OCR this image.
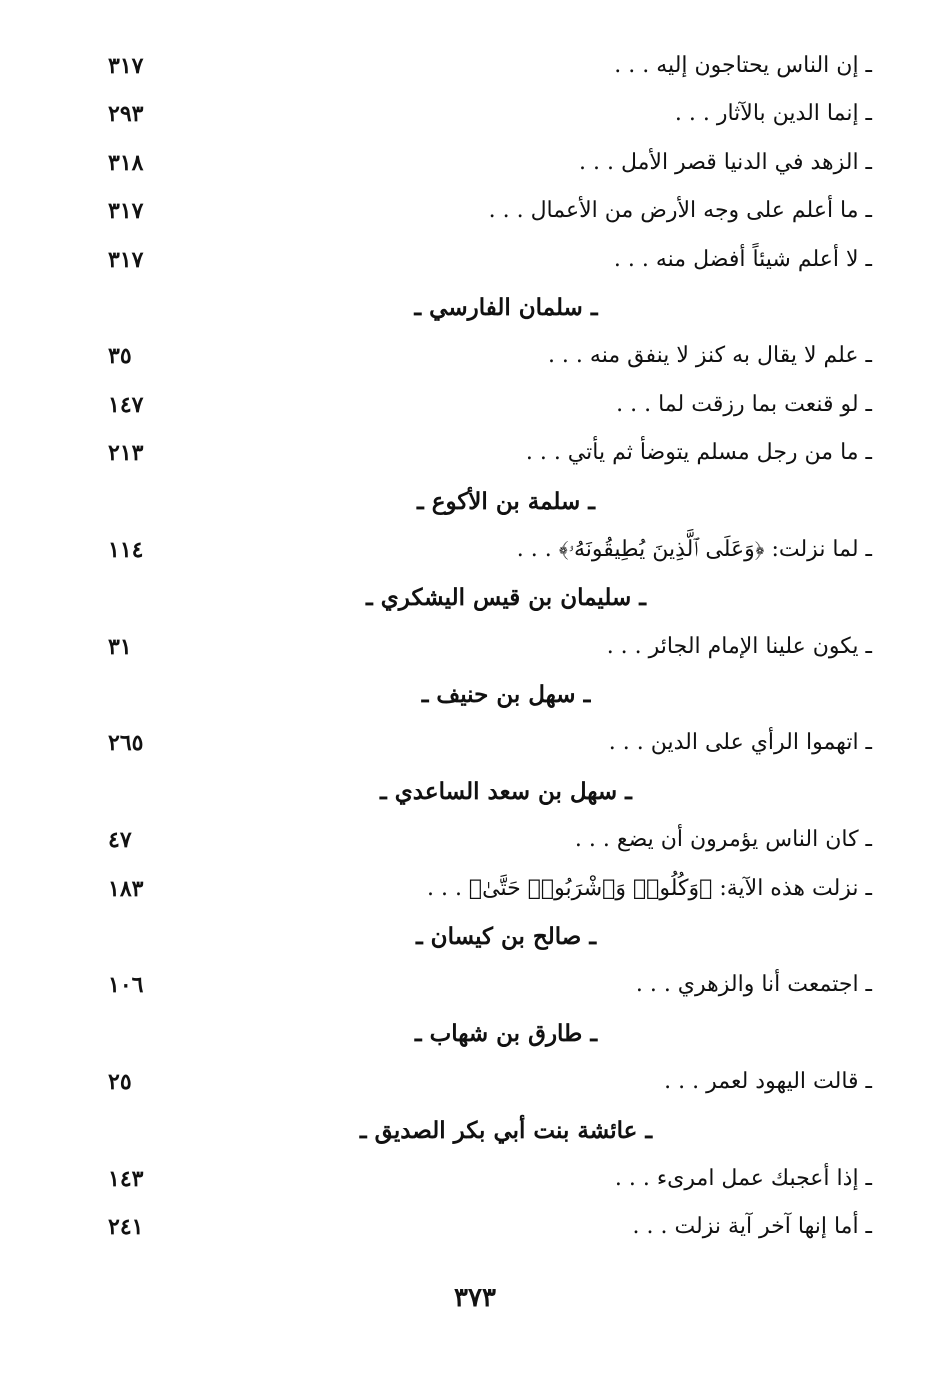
ـ إن الناس يحتاجون إليه . . .
٣١٧
ـ إنما الدين بالآثار . . .
٢٩٣
ـ الزهد في الدنيا قصر الأمل . . .
٣١٨
ـ ما أعلم على وجه الأرض من الأعمال . . .
٣١٧
ـ لا أعلم شيئاً أفضل منه . . .
٣١٧
ـ سلمان الفارسي ـ
ـ علم لا يقال به كنز لا ينفق منه . . .
٣٥
ـ لو قنعت بما رزقت لما . . .
١٤٧
ـ ما من رجل مسلم يتوضأ ثم يأتي . . .
٢١٣
ـ سلمة بن الأكوع ـ
ـ لما نزلت: ﴿وَعَلَى ٱلَّذِينَ يُطِيقُونَهُۥ﴾ . . .
١١٤
ـ سليمان بن قيس اليشكري ـ
ـ يكون علينا الإمام الجائر . . .
٣١
ـ سهل بن حنيف ـ
ـ اتهموا الرأي على الدين . . .
٢٦٥
ـ سهل بن سعد الساعدي ـ
ـ كان الناس يؤمرون أن يضع . . .
٤٧
ـ نزلت هذه الآية: ﴿وَكُلُوا۟ وَٱشْرَبُوا۟ حَتَّىٰ﴾ . . .
١٨٣
ـ صالح بن كيسان ـ
ـ اجتمعت أنا والزهري . . .
١٠٦
ـ طارق بن شهاب ـ
ـ قالت اليهود لعمر . . .
٢٥
ـ عائشة بنت أبي بكر الصديق ـ
ـ إذا أعجبك عمل امرىء . . .
١٤٣
ـ أما إنها آخر آية نزلت . . .
٢٤١
٣٧٣
